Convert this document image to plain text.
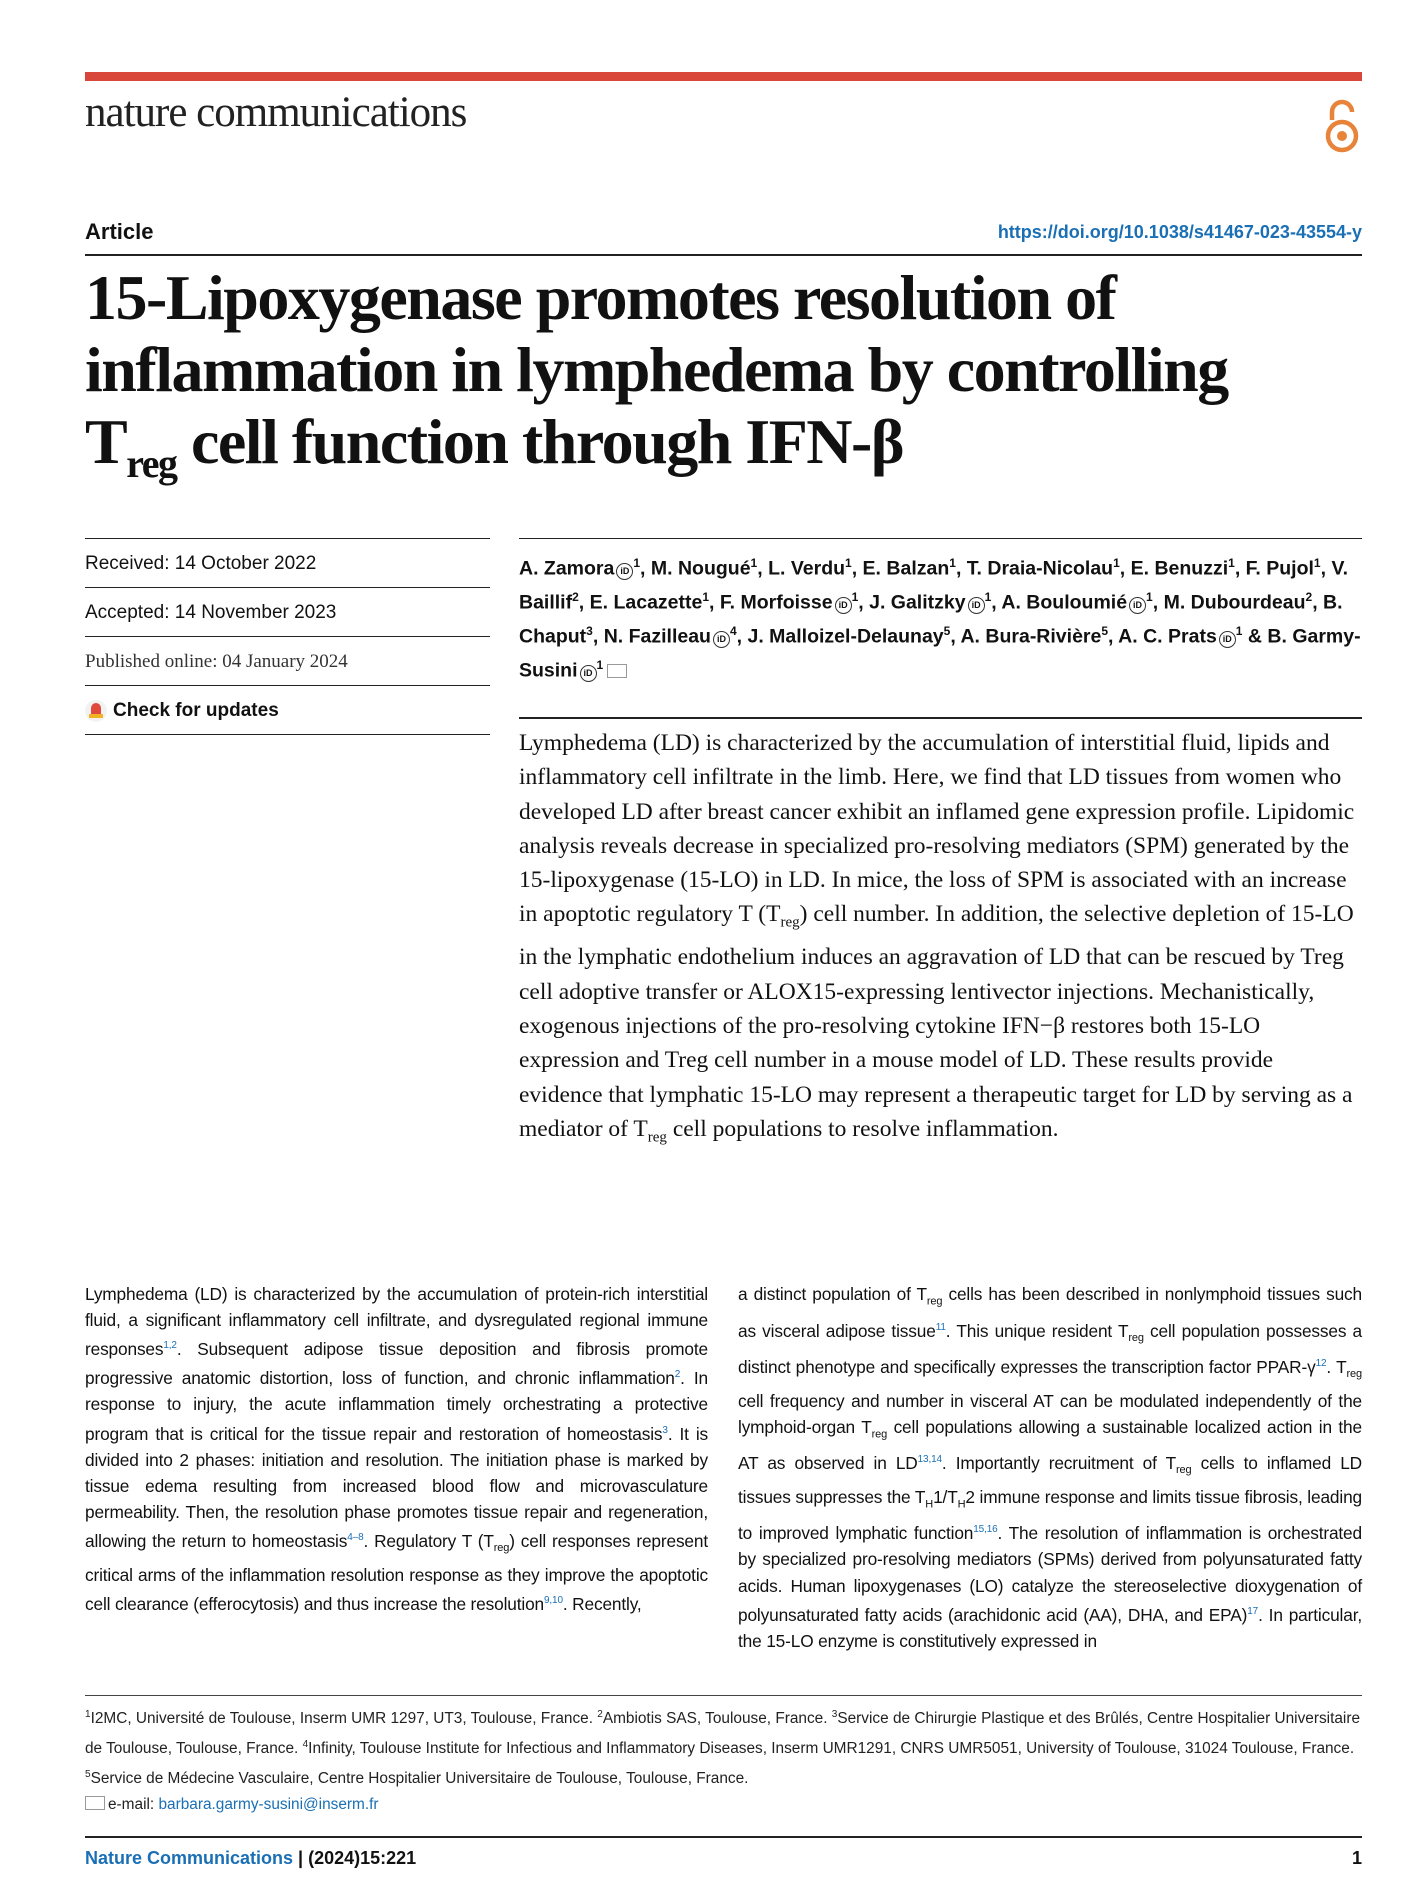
nature communications
Article	https://doi.org/10.1038/s41467-023-43554-y
15-Lipoxygenase promotes resolution of
inflammation in lymphedema by controlling
$T_{reg}$ cell function through IFN-β
Received: 14 October 2022
Accepted: 14 November 2023
Published online: 04 January 2024
Check for updates
A. Zamora $iD^1$, M. Nougué$^1$, L. Verdu$^1$, E. Balzan$^1$, T. Draia-Nicolau$^1$, E. Benuzzi$^1$, F. Pujol$^1$, V. Baillif$^2$, E. Lacazette$^1$, F. Morfoisse $iD^1$, J. Galitzky $iD^1$, A. Bouloumié $iD^1$, M. Dubourdeau$^2$, B. Chaput$^3$, N. Fazilleau $iD^4$, J. Malloizel-Delaunay$^5$, A. Bura-Rivière$^5$, A. C. Prats $iD^1$ & B. Garmy-Susini $iD^1$
Lymphedema (LD) is characterized by the accumulation of interstitial fluid, lipids and inflammatory cell infiltrate in the limb. Here, we find that LD tissues from women who developed LD after breast cancer exhibit an inflamed gene expression profile. Lipidomic analysis reveals decrease in specialized pro-resolving mediators (SPM) generated by the 15-lipoxygenase (15-LO) in LD. In mice, the loss of SPM is associated with an increase in apoptotic regulatory T $(T_{reg})$ cell number. In addition, the selective depletion of 15-LO in the lymphatic endothelium induces an aggravation of LD that can be rescued by Treg cell adoptive transfer or ALOX15-expressing lentivector injections. Mechanistically, exogenous injections of the pro-resolving cytokine IFN−β restores both 15-LO expression and Treg cell number in a mouse model of LD. These results provide evidence that lymphatic 15-LO may represent a therapeutic target for LD by serving as a mediator of $T_{reg}$ cell populations to resolve inflammation.
Lymphedema (LD) is characterized by the accumulation of protein-rich interstitial fluid, a significant inflammatory cell infiltrate, and dysregulated regional immune responses$^{1,2}$. Subsequent adipose tissue deposition and fibrosis promote progressive anatomic distortion, loss of function, and chronic inflammation$^2$. In response to injury, the acute inflammation timely orchestrating a protective program that is critical for the tissue repair and restoration of homeostasis$^3$. It is divided into 2 phases: initiation and resolution. The initiation phase is marked by tissue edema resulting from increased blood flow and microvasculature permeability. Then, the resolution phase promotes tissue repair and regeneration, allowing the return to homeostasis$^{4-8}$. Regulatory T $(T_{reg})$ cell responses represent critical arms of the inflammation resolution response as they improve the apoptotic cell clearance (efferocytosis) and thus increase the resolution$^{9,10}$. Recently,
a distinct population of $T_{reg}$ cells has been described in nonlymphoid tissues such as visceral adipose tissue$^{11}$. This unique resident $T_{reg}$ cell population possesses a distinct phenotype and specifically expresses the transcription factor PPAR-$\gamma^{12}$. $T_{reg}$ cell frequency and number in visceral AT can be modulated independently of the lymphoid-organ $T_{reg}$ cell populations allowing a sustainable localized action in the AT as observed in LD$^{13,14}$. Importantly recruitment of $T_{reg}$ cells to inflamed LD tissues suppresses the $T_H1/T_H2$ immune response and limits tissue fibrosis, leading to improved lymphatic function$^{15,16}$. The resolution of inflammation is orchestrated by specialized pro-resolving mediators (SPMs) derived from polyunsaturated fatty acids. Human lipoxygenases (LO) catalyze the stereoselective dioxygenation of polyunsaturated fatty acids (arachidonic acid (AA), DHA, and EPA)$^{17}$. In particular, the 15-LO enzyme is constitutively expressed in
$^1$I2MC, Université de Toulouse, Inserm UMR 1297, UT3, Toulouse, France. $^2$Ambiotis SAS, Toulouse, France. $^3$Service de Chirurgie Plastique et des Brûlés, Centre Hospitalier Universitaire de Toulouse, Toulouse, France. $^4$Infinity, Toulouse Institute for Infectious and Inflammatory Diseases, Inserm UMR1291, CNRS UMR5051, University of Toulouse, 31024 Toulouse, France. $^5$Service de Médecine Vasculaire, Centre Hospitalier Universitaire de Toulouse, Toulouse, France.
e-mail: barbara.garmy-susini@inserm.fr
Nature Communications | (2024)15:221	1
